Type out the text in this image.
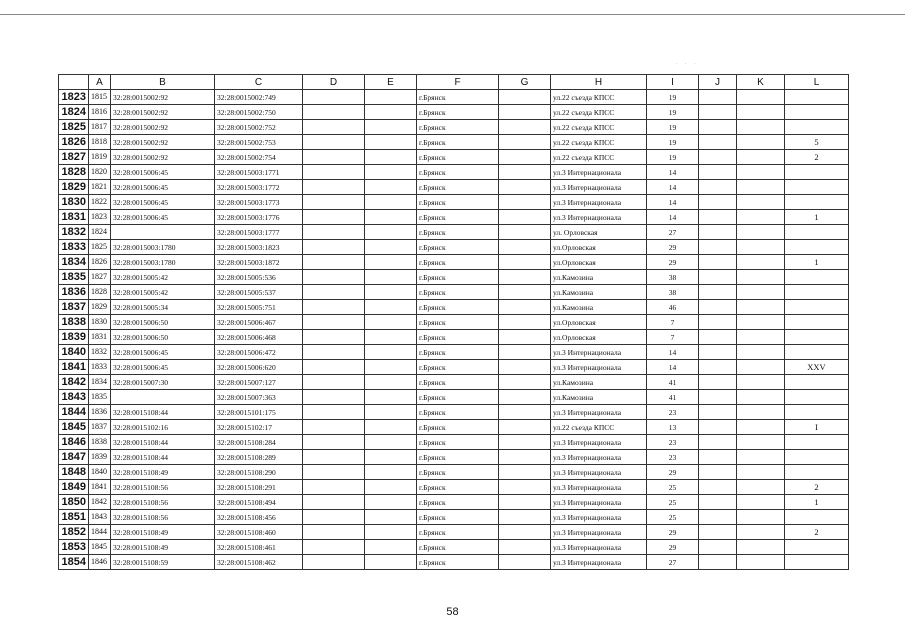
. . .
	A	B	C	D	E	F	G	H	I	J	K	L
1823	1815	32:28:0015002:92	32:28:0015002:749			г.Брянск		ул.22 съезда КПСС	19			
1824	1816	32:28:0015002:92	32:28:0015002:750			г.Брянск		ул.22 съезда КПСС	19			
1825	1817	32:28:0015002:92	32:28:0015002:752			г.Брянск		ул.22 съезда КПСС	19			
1826	1818	32:28:0015002:92	32:28:0015002:753			г.Брянск		ул.22 съезда КПСС	19			5
1827	1819	32:28:0015002:92	32:28:0015002:754			г.Брянск		ул.22 съезда КПСС	19			2
1828	1820	32:28:0015006:45	32:28:0015003:1771			г.Брянск		ул.3 Интернационала	14			
1829	1821	32:28:0015006:45	32:28:0015003:1772			г.Брянск		ул.3 Интернационала	14			
1830	1822	32:28:0015006:45	32:28:0015003:1773			г.Брянск		ул.3 Интернационала	14			
1831	1823	32:28:0015006:45	32:28:0015003:1776			г.Брянск		ул.3 Интернационала	14			1
1832	1824		32:28:0015003:1777			г.Брянск		ул. Орловская	27			
1833	1825	32:28:0015003:1780	32:28:0015003:1823			г.Брянск		ул.Орловская	29			
1834	1826	32:28:0015003:1780	32:28:0015003:1872			г.Брянск		ул.Орловская	29			1
1835	1827	32:28:0015005:42	32:28:0015005:536			г.Брянск		ул.Камозина	38			
1836	1828	32:28:0015005:42	32:28:0015005:537			г.Брянск		ул.Камозина	38			
1837	1829	32:28:0015005:34	32:28:0015005:751			г.Брянск		ул.Камозина	46			
1838	1830	32:28:0015006:50	32:28:0015006:467			г.Брянск		ул.Орловская	7			
1839	1831	32:28:0015006:50	32:28:0015006:468			г.Брянск		ул.Орловская	7			
1840	1832	32:28:0015006:45	32:28:0015006:472			г.Брянск		ул.3 Интернационала	14			
1841	1833	32:28:0015006:45	32:28:0015006:620			г.Брянск		ул.3 Интернационала	14			XXV
1842	1834	32:28:0015007:30	32:28:0015007:127			г.Брянск		ул.Камозина	41			
1843	1835		32:28:0015007:363			г.Брянск		ул.Камозина	41			
1844	1836	32:28:0015108:44	32:28:0015101:175			г.Брянск		ул.3 Интернационала	23			
1845	1837	32:28:0015102:16	32:28:0015102:17			г.Брянск		ул.22 съезда КПСС	13			I
1846	1838	32:28:0015108:44	32:28:0015108:284			г.Брянск		ул.3 Интернационала	23			
1847	1839	32:28:0015108:44	32:28:0015108:289			г.Брянск		ул.3 Интернационала	23			
1848	1840	32:28:0015108:49	32:28:0015108:290			г.Брянск		ул.3 Интернационала	29			
1849	1841	32:28:0015108:56	32:28:0015108:291			г.Брянск		ул.3 Интернационала	25			2
1850	1842	32:28:0015108:56	32:28:0015108:494			г.Брянск		ул.3 Интернационала	25			1
1851	1843	32:28:0015108:56	32:28:0015108:456			г.Брянск		ул.3 Интернационала	25			
1852	1844	32:28:0015108:49	32:28:0015108:460			г.Брянск		ул.3 Интернационала	29			2
1853	1845	32:28:0015108:49	32:28:0015108:461			г.Брянск		ул.3 Интернационала	29			
1854	1846	32:28:0015108:59	32:28:0015108:462			г.Брянск		ул.3 Интернационала	27			
58
